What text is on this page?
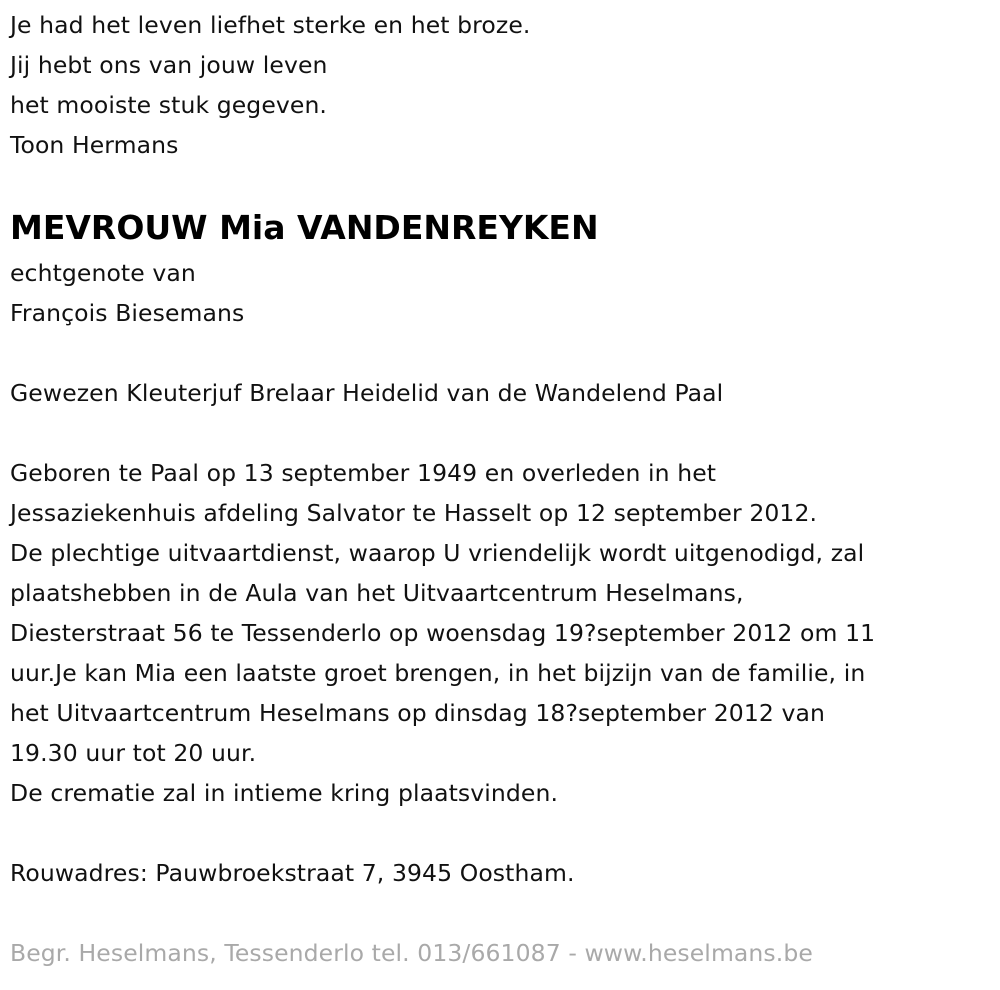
Je had het leven liefhet sterke en het broze.
Jij hebt ons van jouw leven
het mooiste stuk gegeven.
Toon Hermans
MEVROUW Mia VANDENREYKEN
echtgenote van
François Biesemans
Gewezen Kleuterjuf Brelaar Heidelid van de Wandelend Paal
Geboren te Paal op 13 september 1949 en overleden in het
Jessaziekenhuis afdeling Salvator te Hasselt op 12 september 2012.
De plechtige uitvaartdienst, waarop U vriendelijk wordt uitgenodigd, zal
plaatshebben in de Aula van het Uitvaartcentrum Heselmans,
Diesterstraat 56 te Tessenderlo op woensdag 19?september 2012 om 11
uur.Je kan Mia een laatste groet brengen, in het bijzijn van de familie, in
het Uitvaartcentrum Heselmans op dinsdag 18?september 2012 van
19.30 uur tot 20 uur.
De crematie zal in intieme kring plaatsvinden.
Rouwadres: Pauwbroekstraat 7, 3945 Oostham.
Begr. Heselmans, Tessenderlo tel. 013/661087 - www.heselmans.be
